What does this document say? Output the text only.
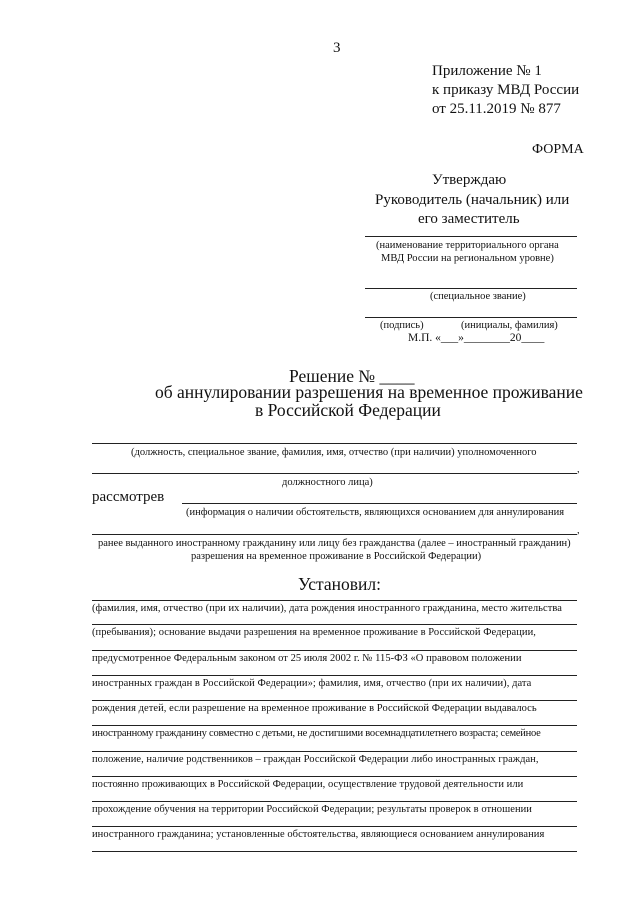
3
Приложение № 1
к приказу МВД России
от 25.11.2019 № 877
ФОРМА
Утверждаю
Руководитель (начальник) или
его заместитель
(наименование территориального органа
МВД России на региональном уровне)
(специальное звание)
(подпись)	(инициалы, фамилия)
М.П. «___»________20____
Решение № ____
об аннулировании разрешения на временное проживание
в Российской Федерации
(должность, специальное звание, фамилия, имя, отчество (при наличии) уполномоченного
,
должностного лица)
рассмотрев
(информация о наличии обстоятельств, являющихся основанием для аннулирования
,
ранее выданного иностранному гражданину или лицу без гражданства (далее – иностранный гражданин)
разрешения на временное проживание в Российской Федерации)
Установил:
(фамилия, имя, отчество (при их наличии), дата рождения иностранного гражданина, место жительства
(пребывания); основание выдачи разрешения на временное проживание в Российской Федерации,
предусмотренное Федеральным законом от 25 июля 2002 г. № 115-ФЗ «О правовом положении
иностранных граждан в Российской Федерации»; фамилия, имя, отчество (при их наличии), дата
рождения детей, если разрешение на временное проживание в Российской Федерации выдавалось
иностранному гражданину совместно с детьми, не достигшими восемнадцатилетнего возраста; семейное
положение, наличие родственников – граждан Российской Федерации либо иностранных граждан,
постоянно проживающих в Российской Федерации, осуществление трудовой деятельности или
прохождение обучения на территории Российской Федерации; результаты проверок в отношении
иностранного гражданина; установленные обстоятельства, являющиеся основанием аннулирования
